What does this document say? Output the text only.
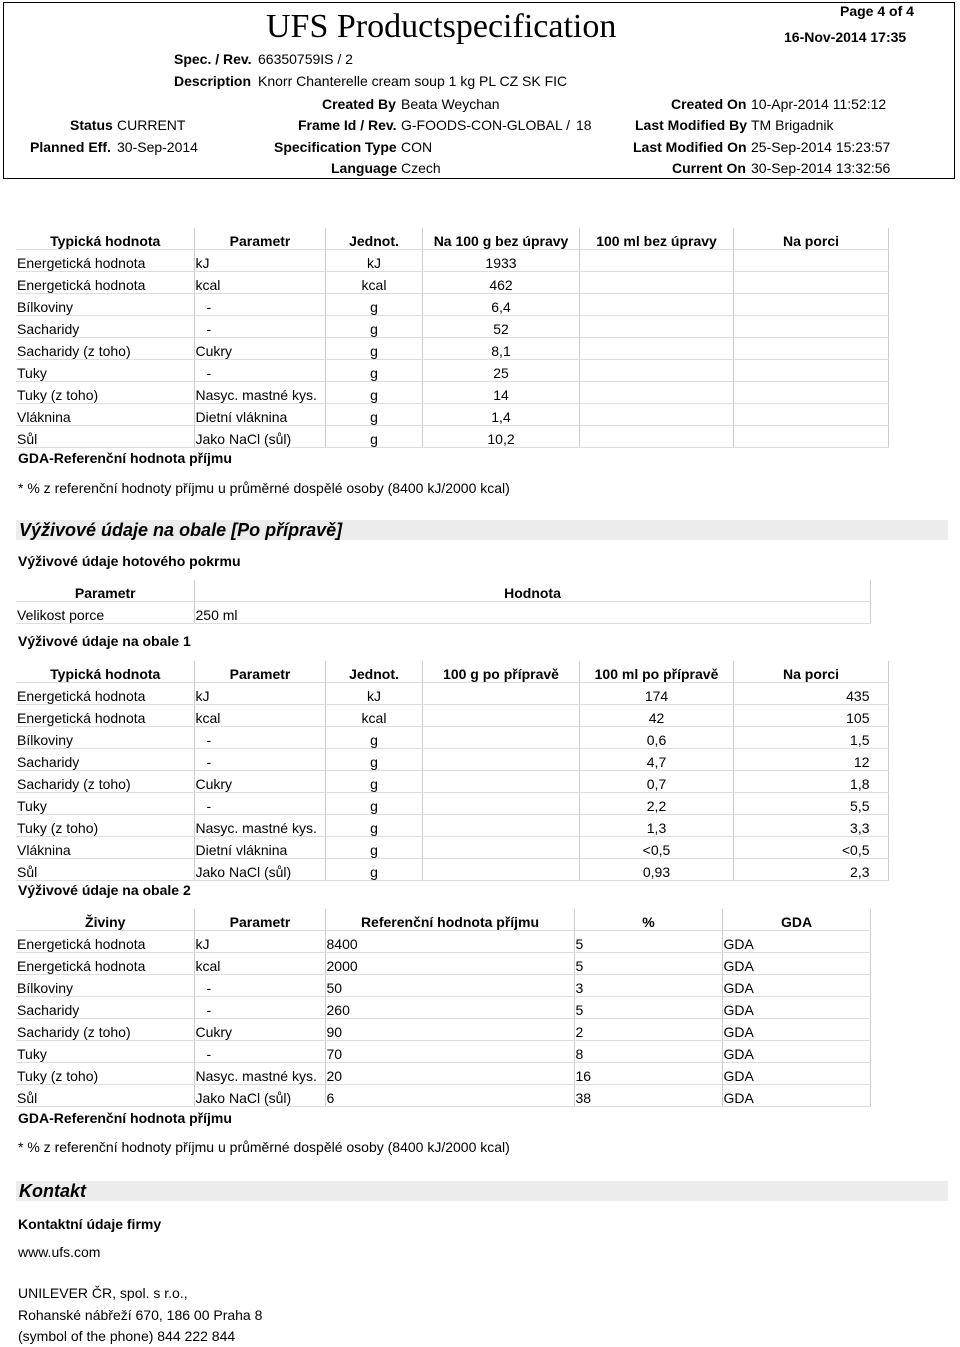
UFS Productspecification	Page 4 of 4
16-Nov-2014 17:35
Spec. / Rev. 66350759IS / 2
Description Knorr Chanterelle cream soup 1 kg PL CZ SK FIC
Created By Beata Weychan	Created On 10-Apr-2014 11:52:12
Status CURRENT	Frame Id / Rev. G-FOODS-CON-GLOBAL / 18	Last Modified By TM Brigadnik
Planned Eff. 30-Sep-2014	Specification Type CON	Last Modified On 25-Sep-2014 15:23:57
Language Czech	Current On 30-Sep-2014 13:32:56
Typická hodnota	Parametr	Jednot.	Na 100 g bez úpravy	100 ml bez úpravy	Na porci
Energetická hodnota	kJ	kJ	1933		
Energetická hodnota	kcal	kcal	462		
Bílkoviny	-	g	6,4		
Sacharidy	-	g	52		
Sacharidy (z toho)	Cukry	g	8,1		
Tuky	-	g	25		
Tuky (z toho)	Nasyc. mastné kys.	g	14		
Vláknina	Dietní vláknina	g	1,4		
Sůl	Jako NaCl (sůl)	g	10,2		
GDA-Referenční hodnota příjmu
* % z referenční hodnoty příjmu u průměrné dospělé osoby (8400 kJ/2000 kcal)
Výživové údaje na obale [Po přípravě]
Výživové údaje hotového pokrmu
Parametr	Hodnota
Velikost porce	250 ml
Výživové údaje na obale 1
Typická hodnota	Parametr	Jednot.	100 g po přípravě	100 ml po přípravě	Na porci
Energetická hodnota	kJ	kJ		174	435
Energetická hodnota	kcal	kcal		42	105
Bílkoviny	-	g		0,6	1,5
Sacharidy	-	g		4,7	12
Sacharidy (z toho)	Cukry	g		0,7	1,8
Tuky	-	g		2,2	5,5
Tuky (z toho)	Nasyc. mastné kys.	g		1,3	3,3
Vláknina	Dietní vláknina	g		<0,5	<0,5
Sůl	Jako NaCl (sůl)	g		0,93	2,3
Výživové údaje na obale 2
Živiny	Parametr	Referenční hodnota příjmu	%	GDA
Energetická hodnota	kJ	8400	5	GDA
Energetická hodnota	kcal	2000	5	GDA
Bílkoviny	-	50	3	GDA
Sacharidy	-	260	5	GDA
Sacharidy (z toho)	Cukry	90	2	GDA
Tuky	-	70	8	GDA
Tuky (z toho)	Nasyc. mastné kys.	20	16	GDA
Sůl	Jako NaCl (sůl)	6	38	GDA
GDA-Referenční hodnota příjmu
* % z referenční hodnoty příjmu u průměrné dospělé osoby (8400 kJ/2000 kcal)
Kontakt
Kontaktní údaje firmy
www.ufs.com
UNILEVER ČR, spol. s r.o.,
Rohanské nábřeží 670, 186 00 Praha 8
(symbol of the phone) 844 222 844
